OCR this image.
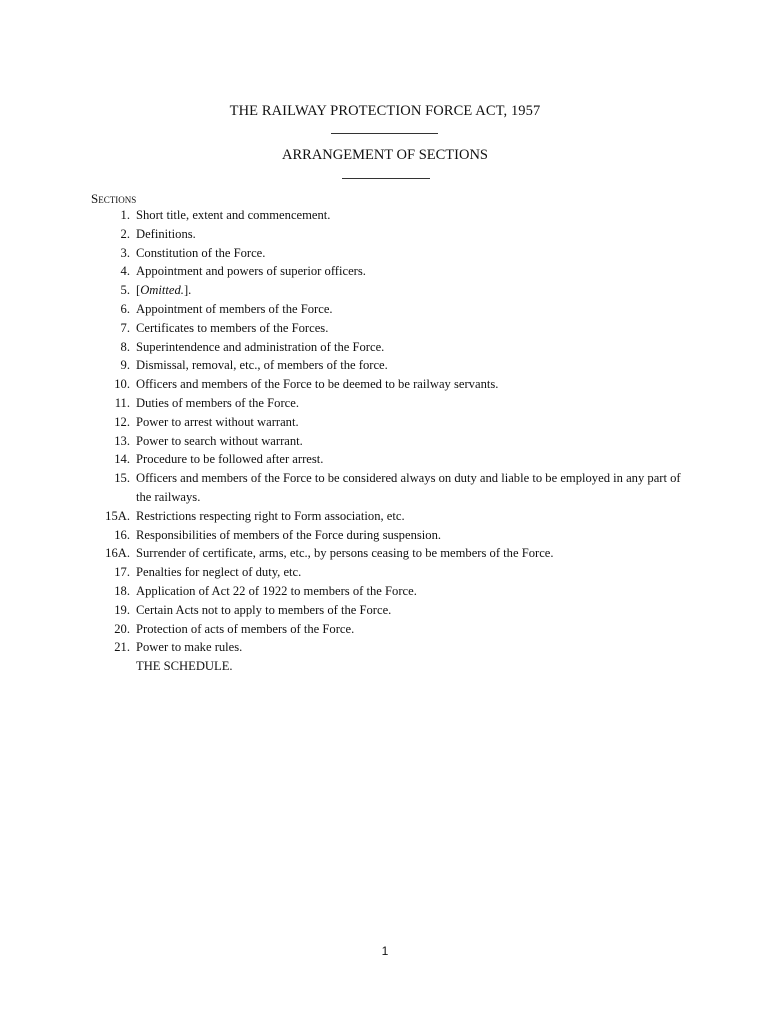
THE RAILWAY PROTECTION FORCE ACT, 1957
ARRANGEMENT OF SECTIONS
Sections
1. Short title, extent and commencement.
2. Definitions.
3. Constitution of the Force.
4. Appointment and powers of superior officers.
5. [Omitted.].
6. Appointment of members of the Force.
7. Certificates to members of the Forces.
8. Superintendence and administration of the Force.
9. Dismissal, removal, etc., of members of the force.
10. Officers and members of the Force to be deemed to be railway servants.
11. Duties of members of the Force.
12. Power to arrest without warrant.
13. Power to search without warrant.
14. Procedure to be followed after arrest.
15. Officers and members of the Force to be considered always on duty and liable to be employed in any part of the railways.
15A. Restrictions respecting right to Form association, etc.
16. Responsibilities of members of the Force during suspension.
16A. Surrender of certificate, arms, etc., by persons ceasing to be members of the Force.
17. Penalties for neglect of duty, etc.
18. Application of Act 22 of 1922 to members of the Force.
19. Certain Acts not to apply to members of the Force.
20. Protection of acts of members of the Force.
21. Power to make rules.
THE SCHEDULE.
1
